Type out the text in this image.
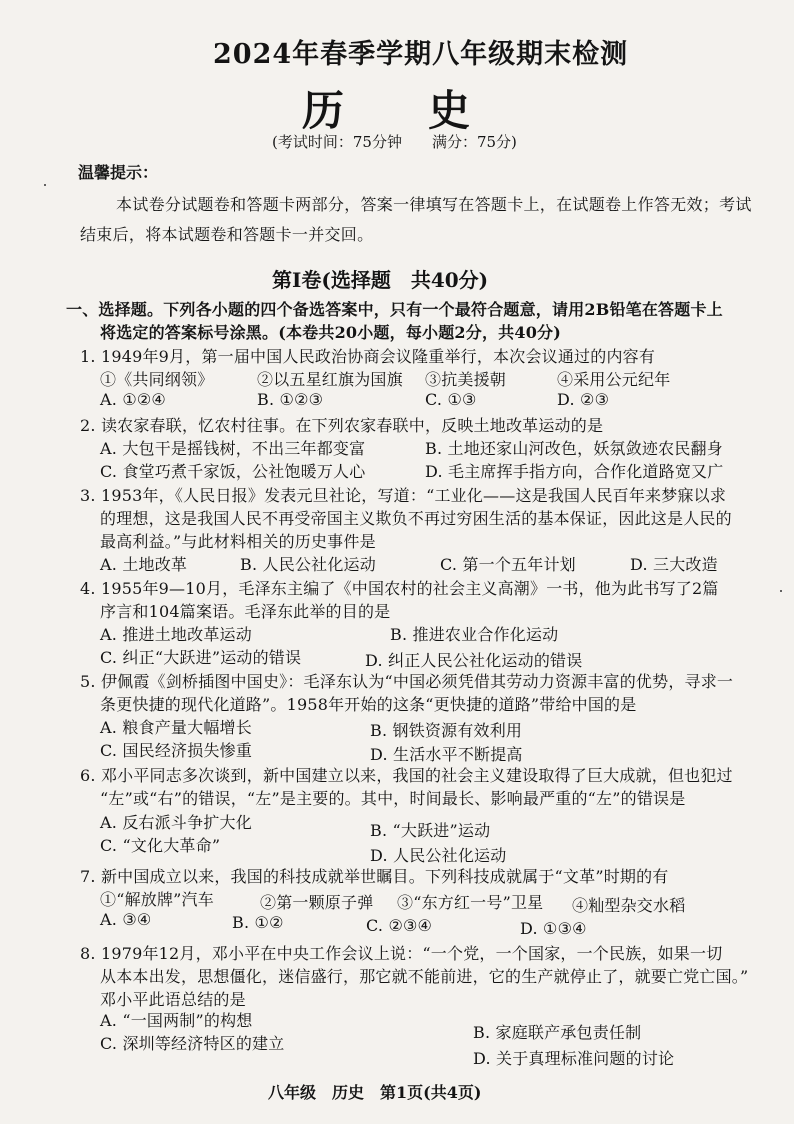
2024年春季学期八年级期末检测
历　　史
(考试时间：75分钟　　满分：75分)
温馨提示：
本试卷分试题卷和答题卡两部分，答案一律填写在答题卡上，在试题卷上作答无效；考试
结束后，将本试题卷和答题卡一并交回。
第Ⅰ卷(选择题　共40分)
一、选择题。下列各小题的四个备选答案中，只有一个最符合题意，请用2B铅笔在答题卡上
将选定的答案标号涂黑。(本卷共20小题，每小题2分，共40分)
1. 1949年9月，第一届中国人民政治协商会议隆重举行，本次会议通过的内容有
①《共同纲领》	②以五星红旗为国旗 ③抗美援朝	④采用公元纪年
A. ①②④	B. ①②③	C. ①③	D. ②③
2. 读农家春联，忆农村往事。在下列农家春联中，反映土地改革运动的是
A. 大包干是摇钱树，不出三年都变富	B. 土地还家山河改色，妖氛敛迹农民翻身
C. 食堂巧煮千家饭，公社饱暖万人心	D. 毛主席挥手指方向，合作化道路宽又广
3. 1953年，《人民日报》发表元旦社论，写道：“工业化——这是我国人民百年来梦寐以求
的理想，这是我国人民不再受帝国主义欺负不再过穷困生活的基本保证，因此这是人民的
最高利益。”与此材料相关的历史事件是
A. 土地改革	B. 人民公社化运动	C. 第一个五年计划	D. 三大改造
4. 1955年9—10月，毛泽东主编了《中国农村的社会主义高潮》一书，他为此书写了2篇
序言和104篇案语。毛泽东此举的目的是
A. 推进土地改革运动	B. 推进农业合作化运动
C. 纠正“大跃进”运动的错误	D. 纠正人民公社化运动的错误
5. 伊佩霞《剑桥插图中国史》：毛泽东认为“中国必须凭借其劳动力资源丰富的优势，寻求一
条更快捷的现代化道路”。1958年开始的这条“更快捷的道路”带给中国的是
A. 粮食产量大幅增长	B. 钢铁资源有效利用
C. 国民经济损失惨重	D. 生活水平不断提高
6. 邓小平同志多次谈到，新中国建立以来，我国的社会主义建设取得了巨大成就，但也犯过
“左”或“右”的错误，“左”是主要的。其中，时间最长、影响最严重的“左”的错误是
A. 反右派斗争扩大化	B. “大跃进”运动
C. “文化大革命”
D. 人民公社化运动
7. 新中国成立以来，我国的科技成就举世瞩目。下列科技成就属于“文革”时期的有
①“解放牌”汽车	②第一颗原子弹 ③“东方红一号”卫星 ④籼型杂交水稻
A. ③④	B. ①②	C. ②③④	D. ①③④
8. 1979年12月，邓小平在中央工作会议上说：“一个党，一个国家，一个民族，如果一切
从本本出发，思想僵化，迷信盛行，那它就不能前进，它的生产就停止了，就要亡党亡国。”
邓小平此语总结的是
A. “一国两制”的构想
B. 家庭联产承包责任制
C. 深圳等经济特区的建立
D. 关于真理标准问题的讨论
八年级　历史　第1页(共4页)
